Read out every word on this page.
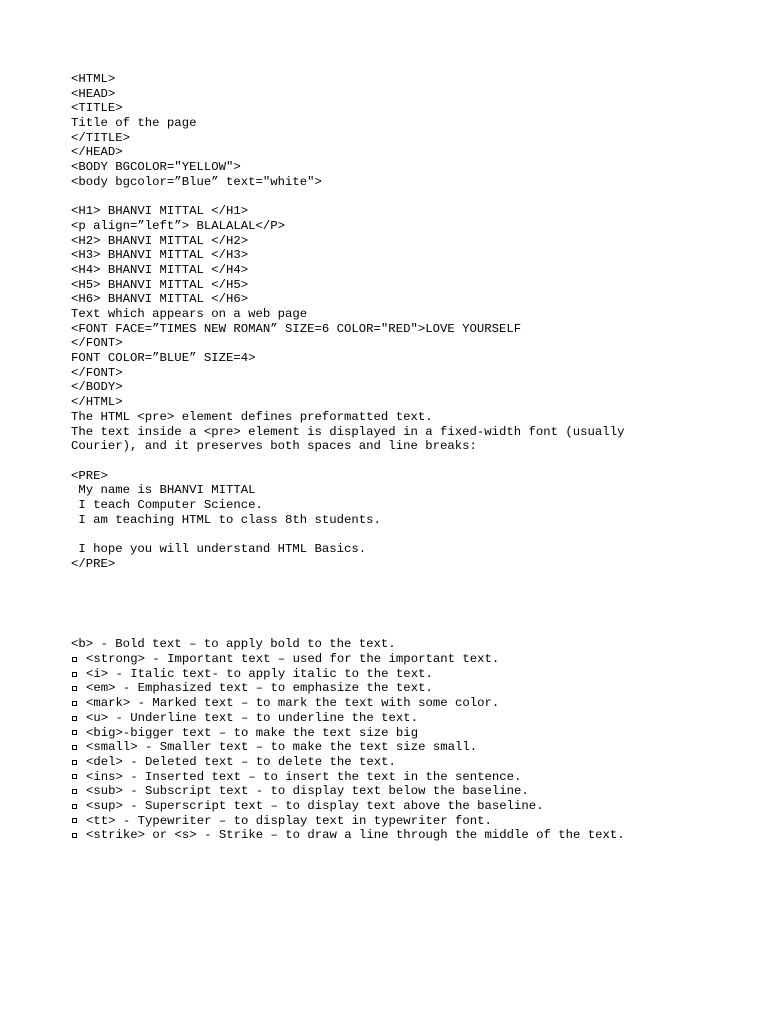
<HTML>
<HEAD>
<TITLE>
Title of the page
</TITLE>
</HEAD>
<BODY BGCOLOR="YELLOW">
<body bgcolor=”Blue” text="white">
<H1> BHANVI MITTAL </H1>
<p align=”left”> BLALALAL</P>
<H2> BHANVI MITTAL </H2>
<H3> BHANVI MITTAL </H3>
<H4> BHANVI MITTAL </H4>
<H5> BHANVI MITTAL </H5>
<H6> BHANVI MITTAL </H6>
Text which appears on a web page
<FONT FACE=”TIMES NEW ROMAN” SIZE=6 COLOR="RED">LOVE YOURSELF
</FONT>
FONT COLOR=”BLUE” SIZE=4>
</FONT>
</BODY>
</HTML>
The HTML <pre> element defines preformatted text.
The text inside a <pre> element is displayed in a fixed-width font (usually
Courier), and it preserves both spaces and line breaks:
<PRE>
My name is BHANVI MITTAL
I teach Computer Science.
I am teaching HTML to class 8th students.
I hope you will understand HTML Basics.
</PRE>
<b> - Bold text – to apply bold to the text.
<strong> - Important text – used for the important text.
<i> - Italic text- to apply italic to the text.
<em> - Emphasized text – to emphasize the text.
<mark> - Marked text – to mark the text with some color.
<u> - Underline text – to underline the text.
<big>-bigger text – to make the text size big
<small> - Smaller text – to make the text size small.
<del> - Deleted text – to delete the text.
<ins> - Inserted text – to insert the text in the sentence.
<sub> - Subscript text - to display text below the baseline.
<sup> - Superscript text – to display text above the baseline.
<tt> - Typewriter – to display text in typewriter font.
<strike> or <s> - Strike – to draw a line through the middle of the text.
